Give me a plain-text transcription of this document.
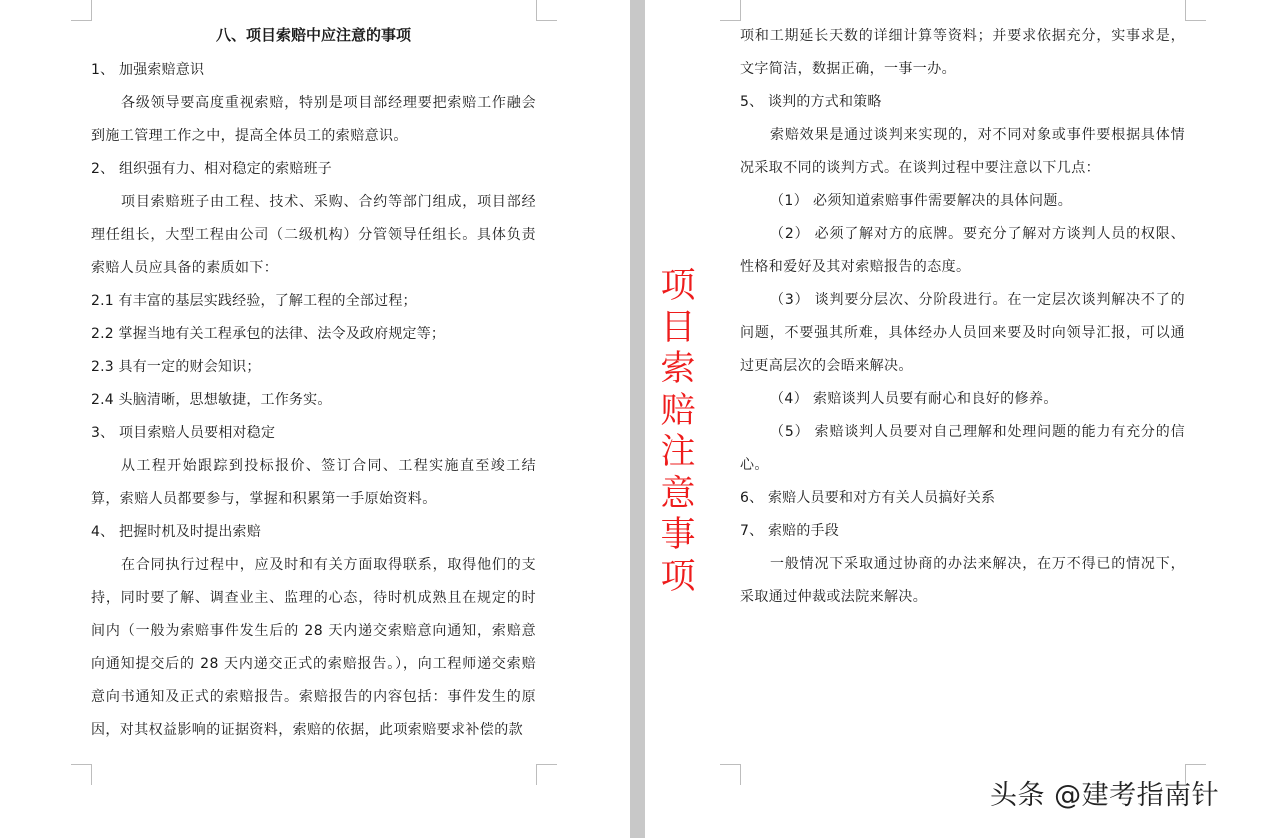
八、项目索赔中应注意的事项
1、 加强索赔意识
各级领导要高度重视索赔，特别是项目部经理要把索赔工作融会到施工管理工作之中，提高全体员工的索赔意识。
2、 组织强有力、相对稳定的索赔班子
项目索赔班子由工程、技术、采购、合约等部门组成，项目部经理任组长，大型工程由公司（二级机构）分管领导任组长。具体负责索赔人员应具备的素质如下：
2.1 有丰富的基层实践经验，了解工程的全部过程；
2.2 掌握当地有关工程承包的法律、法令及政府规定等；
2.3 具有一定的财会知识；
2.4 头脑清晰，思想敏捷，工作务实。
3、 项目索赔人员要相对稳定
从工程开始跟踪到投标报价、签订合同、工程实施直至竣工结算，索赔人员都要参与，掌握和积累第一手原始资料。
4、 把握时机及时提出索赔
在合同执行过程中，应及时和有关方面取得联系，取得他们的支持，同时要了解、调查业主、监理的心态，待时机成熟且在规定的时间内（一般为索赔事件发生后的 28 天内递交索赔意向通知，索赔意向通知提交后的 28 天内递交正式的索赔报告。），向工程师递交索赔意向书通知及正式的索赔报告。索赔报告的内容包括：事件发生的原因，对其权益影响的证据资料，索赔的依据，此项索赔要求补偿的款
项和工期延长天数的详细计算等资料；并要求依据充分，实事求是，文字简洁，数据正确，一事一办。
5、 谈判的方式和策略
索赔效果是通过谈判来实现的，对不同对象或事件要根据具体情况采取不同的谈判方式。在谈判过程中要注意以下几点：
（1） 必须知道索赔事件需要解决的具体问题。
（2） 必须了解对方的底牌。要充分了解对方谈判人员的权限、性格和爱好及其对索赔报告的态度。
（3） 谈判要分层次、分阶段进行。在一定层次谈判解决不了的问题，不要强其所难，具体经办人员回来要及时向领导汇报，可以通过更高层次的会晤来解决。
（4） 索赔谈判人员要有耐心和良好的修养。
（5） 索赔谈判人员要对自己理解和处理问题的能力有充分的信心。
6、 索赔人员要和对方有关人员搞好关系
7、 索赔的手段
一般情况下采取通过协商的办法来解决，在万不得已的情况下，采取通过仲裁或法院来解决。
项
目
索
赔
注
意
事
项
头条 @建考指南针
